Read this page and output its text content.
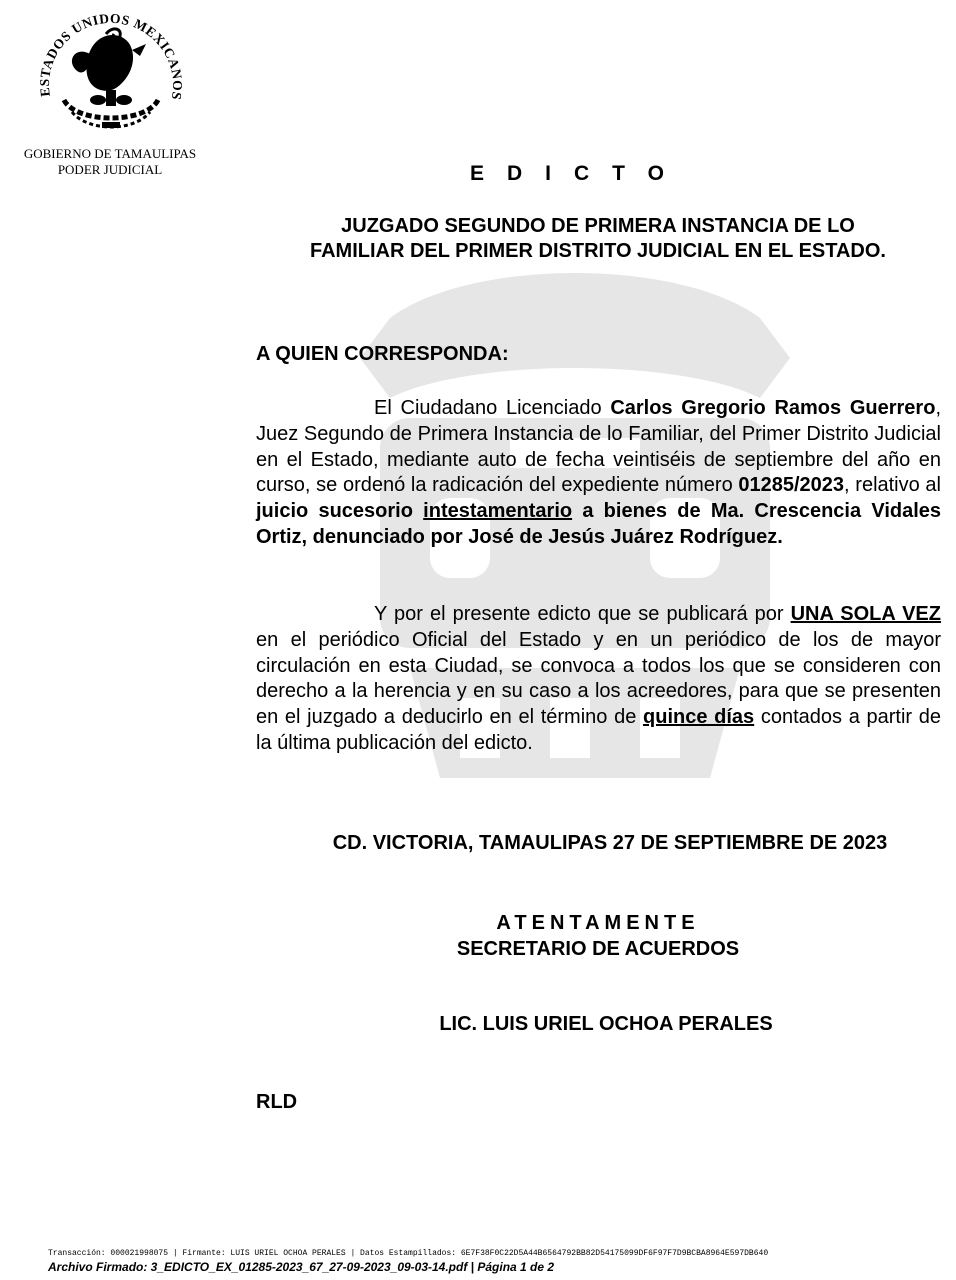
ESTADOS UNIDOS MEXICANOS
GOBIERNO DE TAMAULIPAS
PODER JUDICIAL	EDICTO
JUZGADO SEGUNDO DE PRIMERA INSTANCIA DE LO
FAMILIAR DEL PRIMER DISTRITO JUDICIAL EN EL ESTADO.
A QUIEN CORRESPONDA:
El Ciudadano Licenciado Carlos Gregorio Ramos Guerrero, Juez Segundo de Primera Instancia de lo Familiar, del Primer Distrito Judicial en el Estado, mediante auto de fecha veintiséis de septiembre del año en curso, se ordenó la radicación del expediente número 01285/2023, relativo al juicio sucesorio intestamentario a bienes de Ma. Crescencia Vidales Ortiz, denunciado por José de Jesús Juárez Rodríguez.
Y por el presente edicto que se publicará por UNA SOLA VEZ en el periódico Oficial del Estado y en un periódico de los de mayor circulación en esta Ciudad, se convoca a todos los que se consideren con derecho a la herencia y en su caso a los acreedores, para que se presenten en el juzgado a deducirlo en el término de quince días contados a partir de la última publicación del edicto.
CD. VICTORIA, TAMAULIPAS 27 DE SEPTIEMBRE DE 2023
ATENTAMENTE
SECRETARIO DE ACUERDOS
LIC. LUIS URIEL OCHOA PERALES
RLD
Transacción: 000021998075 | Firmante: LUIS URIEL OCHOA PERALES | Datos Estampillados: 6E7F38F0C22D5A44B6564792BB82D54175099DF6F97F7D9BCBA8964E597DB640
Archivo Firmado: 3_EDICTO_EX_01285-2023_67_27-09-2023_09-03-14.pdf | Página 1 de 2
